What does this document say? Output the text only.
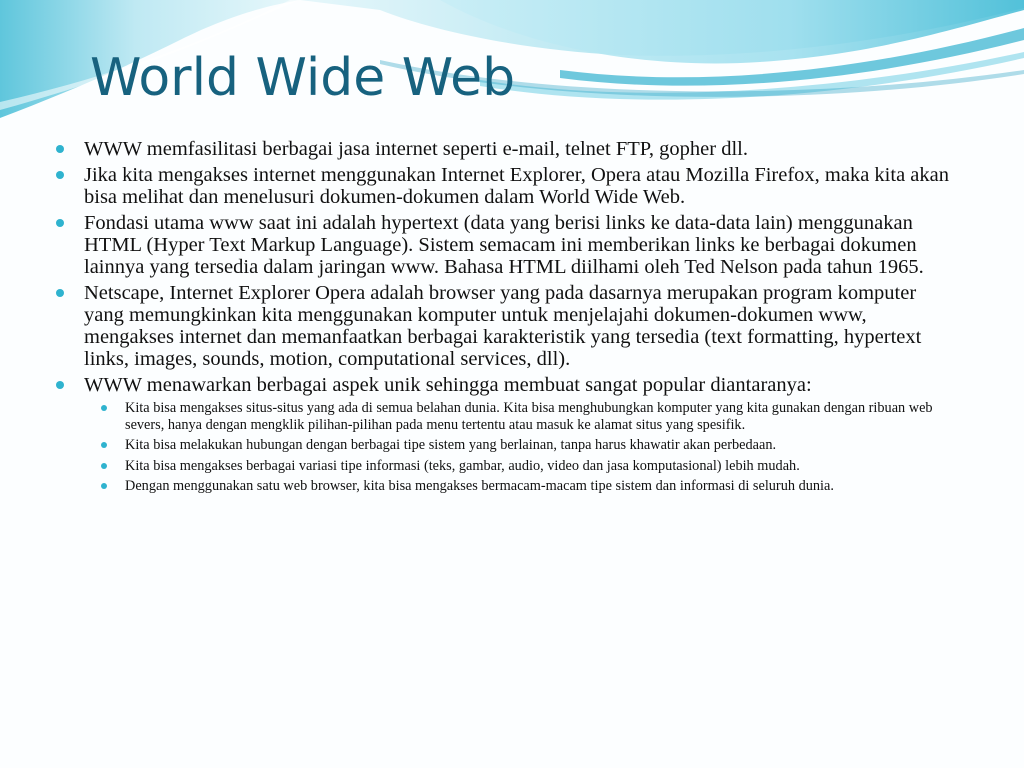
World Wide Web
WWW memfasilitasi berbagai jasa internet seperti e-mail, telnet FTP, gopher dll.
Jika kita mengakses internet menggunakan Internet Explorer, Opera atau Mozilla Firefox, maka kita akan bisa melihat dan menelusuri dokumen-dokumen dalam World Wide Web.
Fondasi utama www saat ini adalah hypertext (data yang berisi links ke data-data lain) menggunakan HTML (Hyper Text Markup Language). Sistem semacam ini memberikan links ke berbagai dokumen lainnya yang tersedia dalam jaringan www. Bahasa HTML diilhami oleh Ted Nelson pada tahun 1965.
Netscape, Internet Explorer Opera adalah browser yang pada dasarnya merupakan program komputer yang memungkinkan kita menggunakan komputer untuk menjelajahi dokumen-dokumen www, mengakses internet dan memanfaatkan berbagai karakteristik yang tersedia (text formatting, hypertext links, images, sounds, motion, computational services, dll).
WWW menawarkan berbagai aspek unik sehingga membuat sangat popular diantaranya:
Kita bisa mengakses situs-situs yang ada di semua belahan dunia. Kita bisa menghubungkan komputer yang kita gunakan dengan ribuan web severs, hanya dengan mengklik pilihan-pilihan pada menu tertentu atau masuk ke alamat situs yang spesifik.
Kita bisa melakukan hubungan dengan berbagai tipe sistem yang berlainan, tanpa harus khawatir akan perbedaan.
Kita bisa mengakses berbagai variasi tipe informasi (teks, gambar, audio, video dan jasa komputasional) lebih mudah.
Dengan menggunakan satu web browser, kita bisa mengakses bermacam-macam tipe sistem dan informasi di seluruh dunia.
